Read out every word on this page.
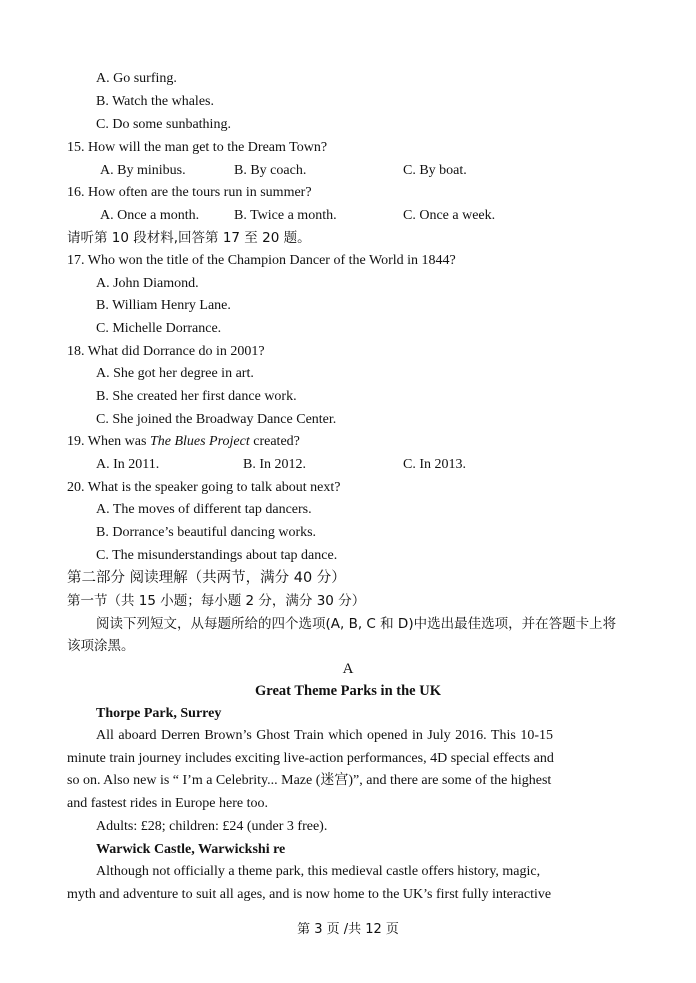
A. Go surfing.
B. Watch the whales.
C. Do some sunbathing.
15. How will the man get to the Dream Town?
A. By minibus.	B. By coach.	C. By boat.
16. How often are the tours run in summer?
A. Once a month. B. Twice a month.	C. Once a week.
请听第 10 段材料,回答第 17 至 20 题。
17. Who won the title of the Champion Dancer of the World in 1844?
A. John Diamond.
B. William Henry Lane.
C. Michelle Dorrance.
18. What did Dorrance do in 2001?
A. She got her degree in art.
B. She created her first dance work.
C. She joined the Broadway Dance Center.
19. When was The Blues Project created?
A. In 2011.	B. In 2012.	C. In 2013.
20. What is the speaker going to talk about next?
A. The moves of different tap dancers.
B. Dorrance’s beautiful dancing works.
C. The misunderstandings about tap dance.
第二部分 阅读理解（共两节，满分 40 分）
第一节（共 15 小题；每小题 2 分，满分 30 分）
阅读下列短文，从每题所给的四个选项(A, B, C 和 D)中选出最佳选项，并在答题卡上将
该项涂黑。
A
Great Theme Parks in the UK
Thorpe Park, Surrey
All aboard Derren Brown’s Ghost Train which opened in July 2016. This 10-15
minute train journey includes exciting live-action performances, 4D special effects and
so on. Also new is “ I’m a Celebrity... Maze (迷宫)”, and there are some of the highest
and fastest rides in Europe here too.
Adults: £28; children: £24 (under 3 free).
Warwick Castle, Warwickshi re
Although not officially a theme park, this medieval castle offers history, magic,
myth and adventure to suit all ages, and is now home to the UK’s first fully interactive
第 3 页 /共 12 页
